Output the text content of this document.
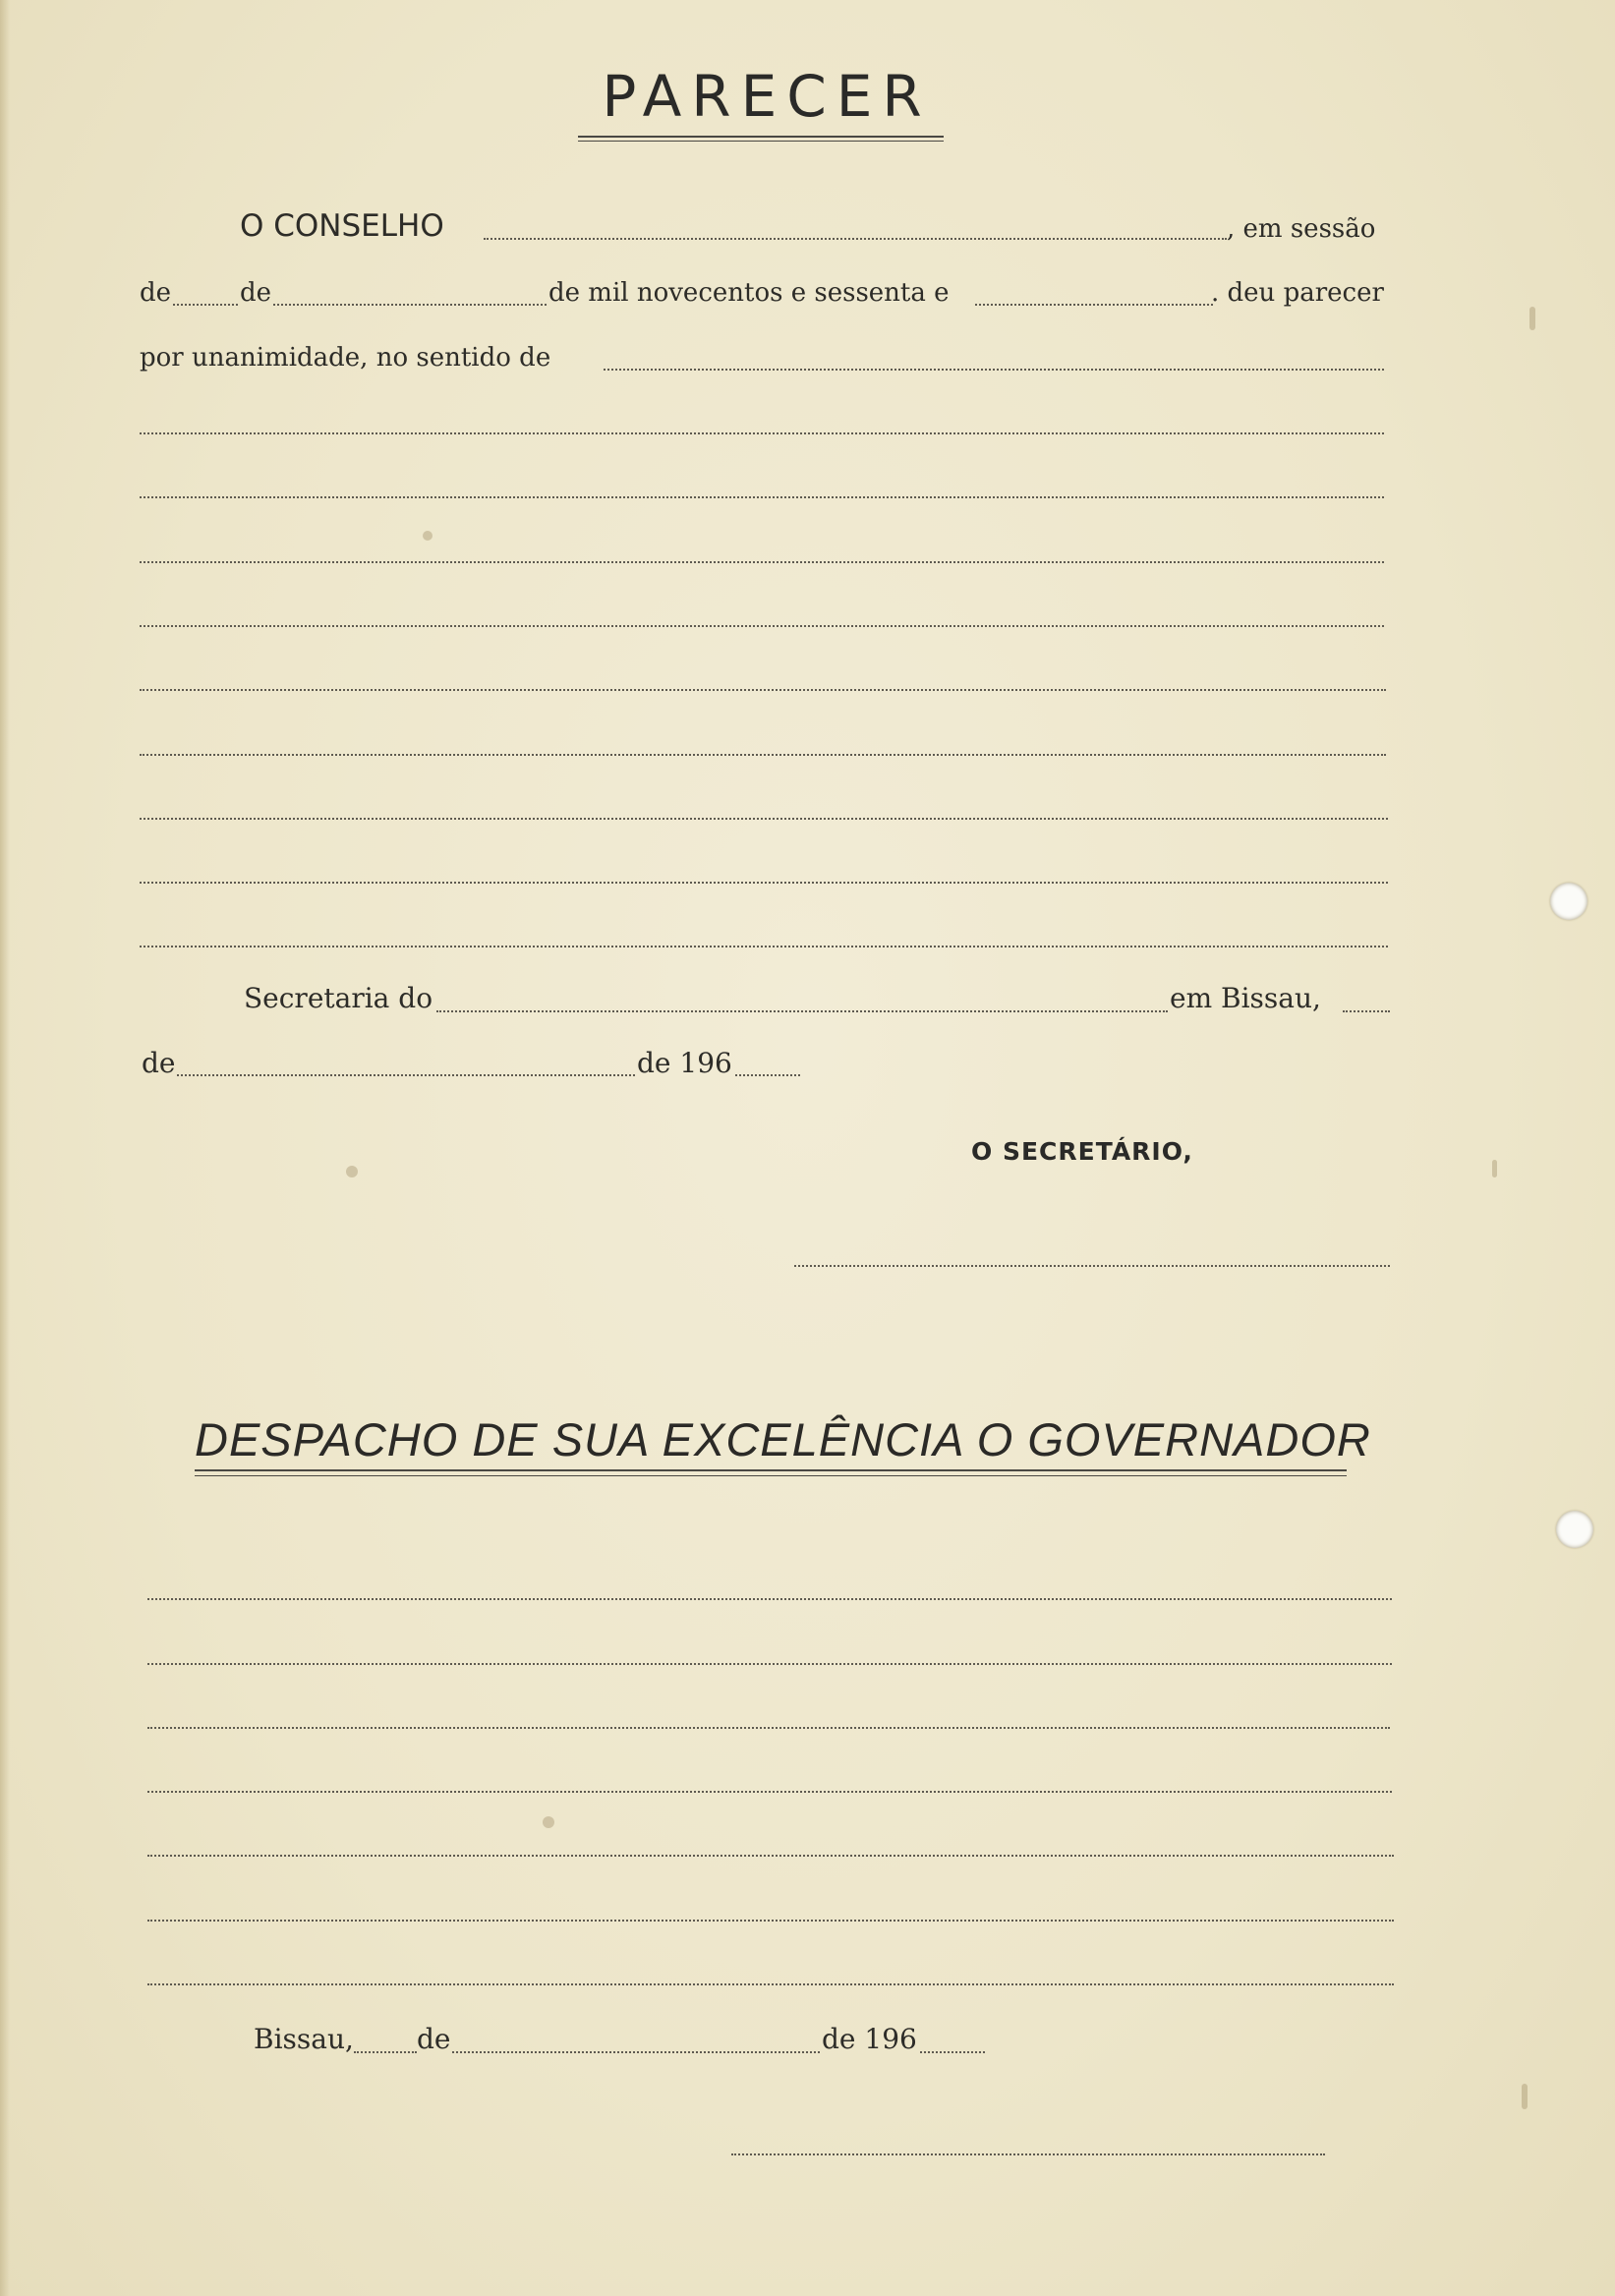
PARECER
O CONSELHO	, em sessão
de	de	de mil novecentos e sessenta e	. deu parecer
por unanimidade, no sentido de
Secretaria do	em Bissau,
de	de 196
O SECRETÁRIO,
DESPACHO DE SUA EXCELÊNCIA O GOVERNADOR
Bissau, de	de 196
